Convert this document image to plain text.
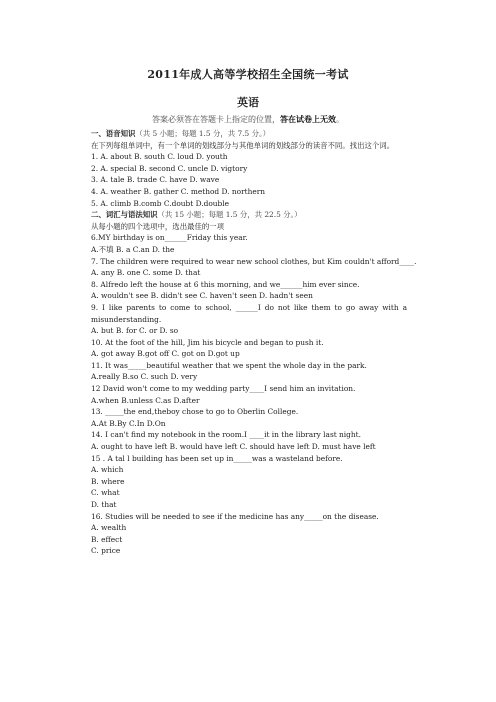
2011年成人高等学校招生全国统一考试
英语
答案必须答在答题卡上指定的位置，答在试卷上无效。
一、语音知识（共 5 小题；每题 1.5 分，共 7.5 分。）
在下列每组单词中，有一个单词的划线部分与其他单词的划线部分的读音不同。找出这个词。
1. A. about B. south C. loud D. youth
2. A. special B. second C. uncle D. vigtory
3. A. tale B. trade C. have D. wave
4. A. weather B. gather C. method D. northern
5. A. climb B.comb C.doubt D.double
二、词汇与语法知识（共 15 小题；每题 1.5 分，共 22.5 分。）
从每小题的四个选项中，选出最佳的一项
6.MY birthday is on______Friday this year.
A.不填 B. a C.an D. the
7. The children were required to wear new school clothes, but Kim couldn't afford____.
A. any B. one C. some D. that
8. Alfredo left the house at 6 this morning, and we______him ever since.
A. wouldn't see B. didn't see C. haven't seen D. hadn't seen
9. I like parents to come to school, ______I do not like them to go away with a misunderstanding.
A. but B. for C. or D. so
10. At the foot of the hill, Jim his bicycle and began to push it.
A. got away B.got off C. got on D.got up
11. It was_____beautiful weather that we spent the whole day in the park.
A.really B.so C. such D. very
12 David won't come to my wedding party____I send him an invitation.
A.when B.unless C.as D.after
13. _____the end,theboy chose to go to Oberlin College.
A.At B.By C.In D.On
14. I can't find my notebook in the room.I ____it in the library last night.
A. ought to have left B. would have left C. should have left D. must have left
15 . A tal l building has been set up in_____was a wasteland before.
A. which
B. where
C. what
D. that
16. Studies will be needed to see if the medicine has any_____on the disease.
A. wealth
B. effect
C. price
